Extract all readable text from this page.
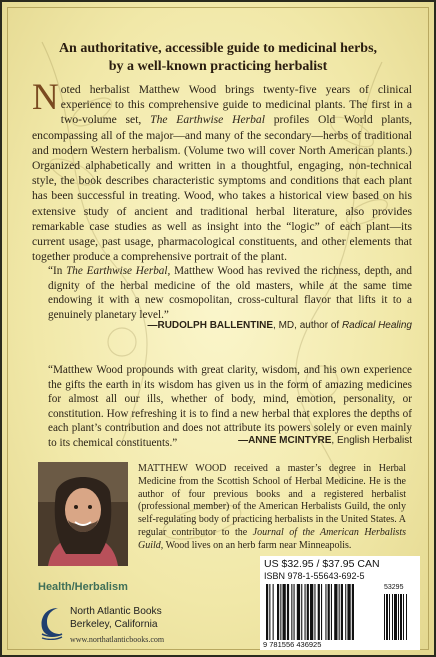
An authoritative, accessible guide to medicinal herbs,
by a well-known practicing herbalist
Noted herbalist Matthew Wood brings twenty-five years of clinical experience to this comprehensive guide to medicinal plants. The first in a two-volume set, The Earthwise Herbal profiles Old World plants, encompassing all of the major—and many of the secondary—herbs of traditional and modern Western herbalism. (Volume two will cover North American plants.) Organized alphabetically and written in a thoughtful, engaging, non-technical style, the book describes characteristic symptoms and conditions that each plant has been successful in treating. Wood, who takes a historical view based on his extensive study of ancient and traditional herbal literature, also provides remarkable case studies as well as insight into the “logic” of each plant—its current usage, past usage, pharmacological constituents, and other elements that together produce a comprehensive portrait of the plant.
“In The Earthwise Herbal, Matthew Wood has revived the richness, depth, and dignity of the herbal medicine of the old masters, while at the same time endowing it with a new cosmopolitan, cross-cultural flavor that lifts it to a genuinely planetary level.”
—RUDOLPH BALLENTINE, MD, author of Radical Healing
“Matthew Wood propounds with great clarity, wisdom, and his own experience the gifts the earth in its wisdom has given us in the form of amazing medicines for almost all our ills, whether of body, mind, emotion, personality, or constitution. How refreshing it is to find a new herbal that explores the depths of each plant’s contribution and does not attribute its powers solely or even mainly to its chemical constituents.”	—ANNE MCINTYRE, English Herbalist
MATTHEW WOOD received a master’s degree in Herbal Medicine from the Scottish School of Herbal Medicine. He is the author of four previous books and a registered herbalist (professional member) of the American Herbalists Guild, the only self-regulating body of practicing herbalists in the United States. A regular contributor to the Journal of the American Herbalists Guild, Wood lives on an herb farm near Minneapolis.
Health/Herbalism
North Atlantic Books
Berkeley, California
www.northatlanticbooks.com
US $32.95 / $37.95 CAN
ISBN 978-1-55643-692-5
53295
9 781556 436925
